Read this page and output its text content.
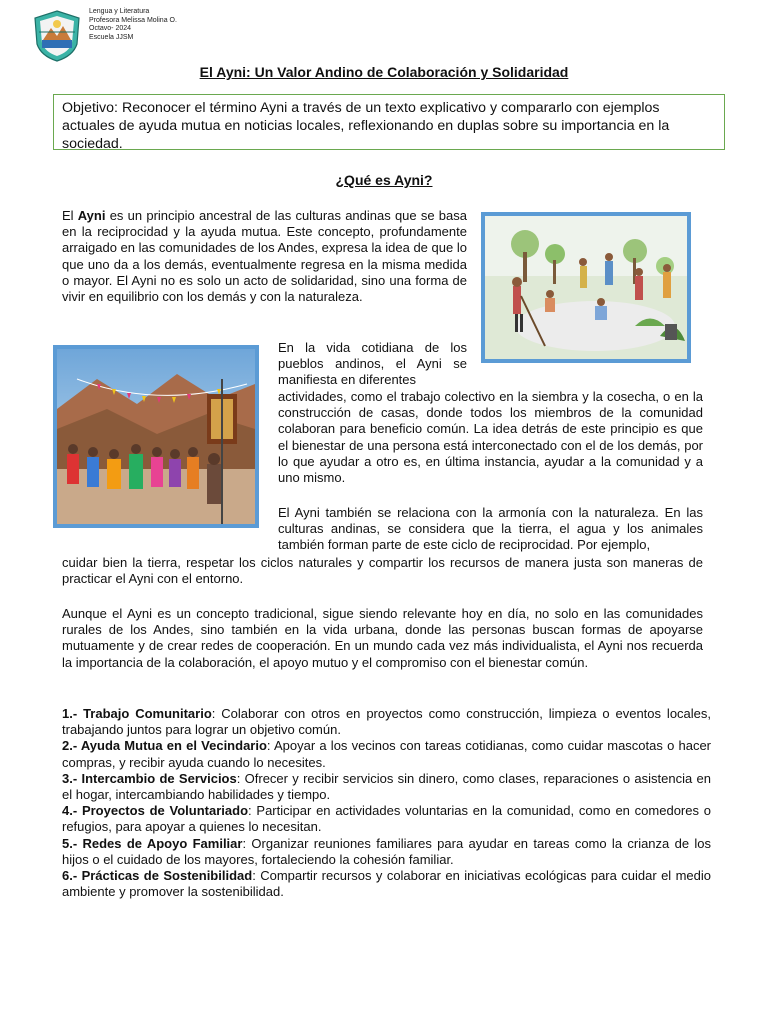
Lengua y Literatura
Profesora Melissa Molina O.
Octavo- 2024
Escuela JJSM
El Ayni: Un Valor Andino de Colaboración y Solidaridad
Objetivo: Reconocer el término Ayni a través de un texto explicativo y compararlo con ejemplos actuales de ayuda mutua en noticias locales, reflexionando en duplas sobre su importancia en la sociedad.
¿Qué es Ayni?

El Ayni es un principio ancestral de las culturas andinas que se basa en la reciprocidad y la ayuda mutua. Este concepto, profundamente arraigado en las comunidades de los Andes, expresa la idea de que lo que uno da a los demás, eventualmente regresa en la misma medida o mayor. El Ayni no es solo un acto de solidaridad, sino una forma de vivir en equilibrio con los demás y con la naturaleza.

En la vida cotidiana de los pueblos andinos, el Ayni se manifiesta en diferentes

actividades, como el trabajo colectivo en la siembra y la cosecha, o en la construcción de casas, donde todos los miembros de la comunidad colaboran para beneficio común. La idea detrás de este principio es que el bienestar de una persona está interconectado con el de los demás, por lo que ayudar a otro es, en última instancia, ayudar a la comunidad y a uno mismo.

El Ayni también se relaciona con la armonía con la naturaleza. En las culturas andinas, se considera que la tierra, el agua y los animales también forman parte de este ciclo de reciprocidad. Por ejemplo,

cuidar bien la tierra, respetar los ciclos naturales y compartir los recursos de manera justa son maneras de practicar el Ayni con el entorno.

Aunque el Ayni es un concepto tradicional, sigue siendo relevante hoy en día, no solo en las comunidades rurales de los Andes, sino también en la vida urbana, donde las personas buscan formas de apoyarse mutuamente y de crear redes de cooperación. En un mundo cada vez más individualista, el Ayni nos recuerda la importancia de la colaboración, el apoyo mutuo y el compromiso con el bienestar común.

1.- Trabajo Comunitario: Colaborar con otros en proyectos como construcción, limpieza o eventos locales, trabajando juntos para lograr un objetivo común.

2.- Ayuda Mutua en el Vecindario: Apoyar a los vecinos con tareas cotidianas, como cuidar mascotas o hacer compras, y recibir ayuda cuando lo necesites.

3.- Intercambio de Servicios: Ofrecer y recibir servicios sin dinero, como clases, reparaciones o asistencia en el hogar, intercambiando habilidades y tiempo.

4.- Proyectos de Voluntariado: Participar en actividades voluntarias en la comunidad, como en comedores o refugios, para apoyar a quienes lo necesitan.

5.- Redes de Apoyo Familiar: Organizar reuniones familiares para ayudar en tareas como la crianza de los hijos o el cuidado de los mayores, fortaleciendo la cohesión familiar.

6.- Prácticas de Sostenibilidad: Compartir recursos y colaborar en iniciativas ecológicas para cuidar el medio ambiente y promover la sostenibilidad.
